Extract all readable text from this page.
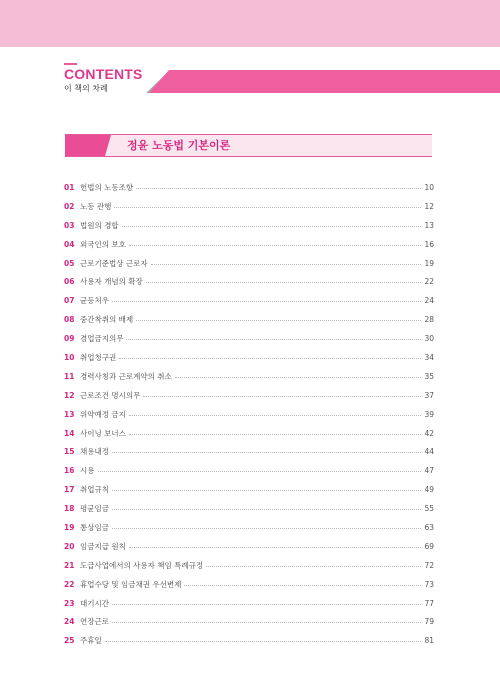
CONTENTS
이 책의 차례
정윤 노동법 기본이론
01 헌법의 노동조항	10
02 노동 관행	12
03 법원의 경합	13
04 외국인의 보호	16
05 근로기준법상 근로자	19
06 사용자 개념의 확장	22
07 균등처우	24
08 중간착취의 배제	28
09 겸업금지의무	30
10 취업청구권	34
11 경력사칭과 근로계약의 취소	35
12 근로조건 명시의무	37
13 위약예정 금지	39
14 사이닝 보너스	42
15 채용내정	44
16 시용	47
17 취업규칙	49
18 평균임금	55
19 통상임금	63
20 임금지급 원칙	69
21 도급사업에서의 사용자 책임 특례규정	72
22 휴업수당 및 임금채권 우선변제	73
23 대기시간	77
24 연장근로	79
25 주휴일	81
